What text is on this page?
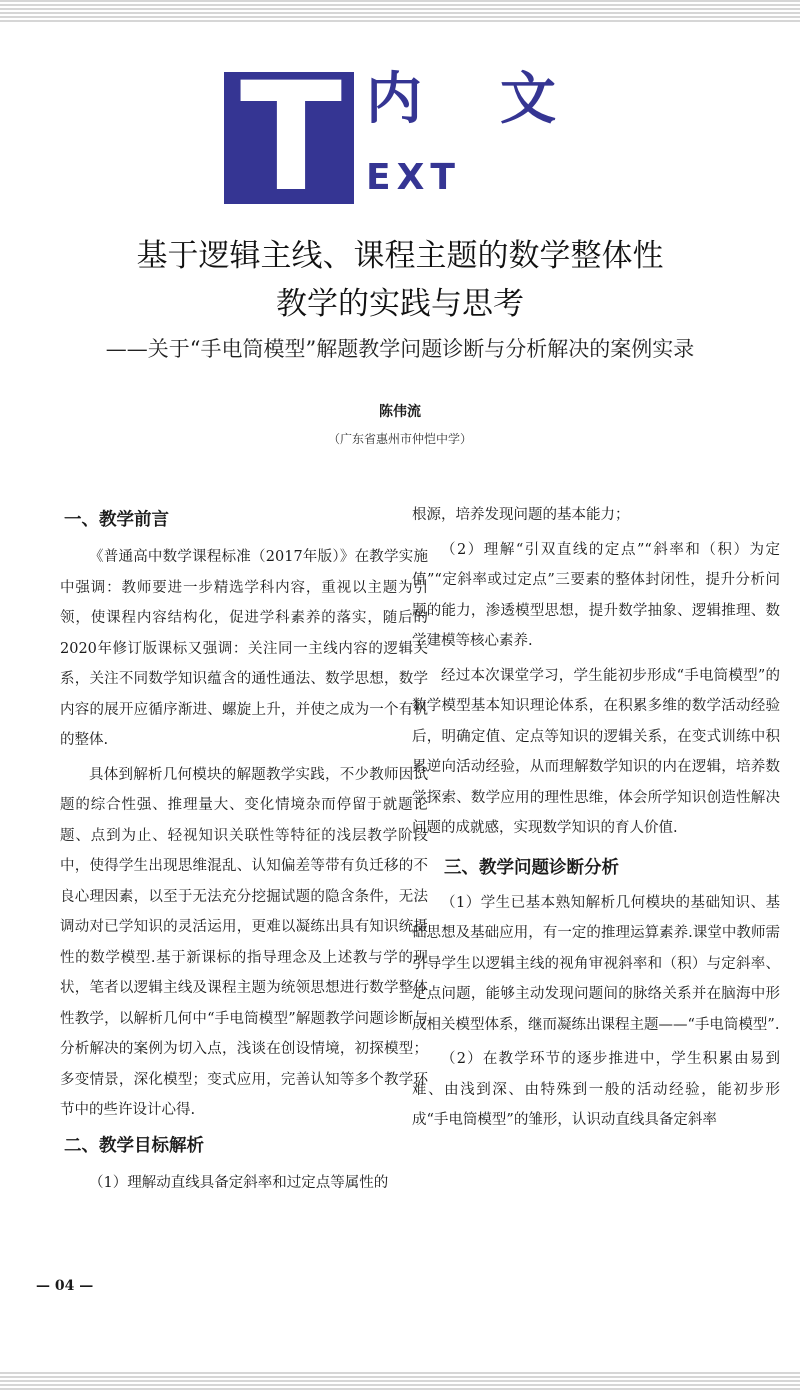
T 内文
EXT
基于逻辑主线、课程主题的数学整体性
教学的实践与思考
——关于“手电筒模型”解题教学问题诊断与分析解决的案例实录
陈伟流
（广东省惠州市仲恺中学）
一、教学前言

《普通高中数学课程标准（2017年版）》在教学实施中强调：教师要进一步精选学科内容，重视以主题为引领，使课程内容结构化，促进学科素养的落实，随后的2020年修订版课标又强调：关注同一主线内容的逻辑关系，关注不同数学知识蕴含的通性通法、数学思想，数学内容的展开应循序渐进、螺旋上升，并使之成为一个有机的整体.

具体到解析几何模块的解题教学实践，不少教师因试题的综合性强、推理量大、变化情境杂而停留于就题论题、点到为止、轻视知识关联性等特征的浅层教学阶段中，使得学生出现思维混乱、认知偏差等带有负迁移的不良心理因素，以至于无法充分挖掘试题的隐含条件，无法调动对已学知识的灵活运用，更难以凝练出具有知识统摄性的数学模型.基于新课标的指导理念及上述教与学的现状，笔者以逻辑主线及课程主题为统领思想进行数学整体性教学，以解析几何中“手电筒模型”解题教学问题诊断与分析解决的案例为切入点，浅谈在创设情境，初探模型；多变情景，深化模型；变式应用，完善认知等多个教学环节中的些许设计心得.

二、教学目标解析

（1）理解动直线具备定斜率和过定点等属性的

根源，培养发现问题的基本能力；

（2）理解“引双直线的定点”“斜率和（积）为定值”“定斜率或过定点”三要素的整体封闭性，提升分析问题的能力，渗透模型思想，提升数学抽象、逻辑推理、数学建模等核心素养.

经过本次课堂学习，学生能初步形成“手电筒模型”的数学模型基本知识理论体系，在积累多维的数学活动经验后，明确定值、定点等知识的逻辑关系，在变式训练中积累逆向活动经验，从而理解数学知识的内在逻辑，培养数学探索、数学应用的理性思维，体会所学知识创造性解决问题的成就感，实现数学知识的育人价值.

三、教学问题诊断分析

（1）学生已基本熟知解析几何模块的基础知识、基础思想及基础应用，有一定的推理运算素养.课堂中教师需引导学生以逻辑主线的视角审视斜率和（积）与定斜率、定点问题，能够主动发现问题间的脉络关系并在脑海中形成相关模型体系，继而凝练出课程主题——“手电筒模型”.

（2）在教学环节的逐步推进中，学生积累由易到难、由浅到深、由特殊到一般的活动经验，能初步形成“手电筒模型”的雏形，认识动直线具备定斜率

— 04 —
